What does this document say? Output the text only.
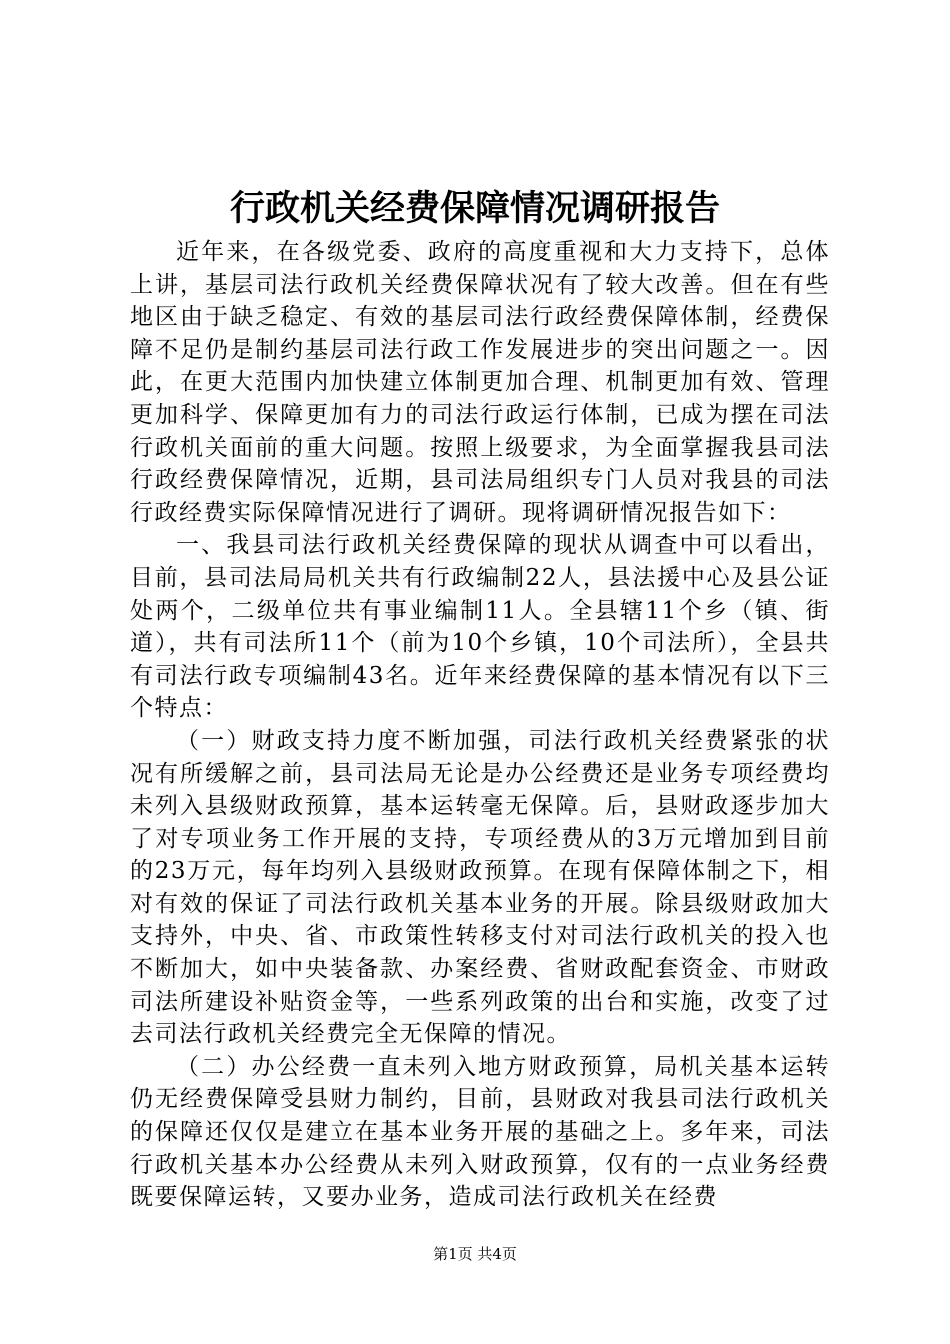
行政机关经费保障情况调研报告

近年来，在各级党委、政府的高度重视和大力支持下，总体上讲，基层司法行政机关经费保障状况有了较大改善。但在有些地区由于缺乏稳定、有效的基层司法行政经费保障体制，经费保障不足仍是制约基层司法行政工作发展进步的突出问题之一。因此，在更大范围内加快建立体制更加合理、机制更加有效、管理更加科学、保障更加有力的司法行政运行体制，已成为摆在司法行政机关面前的重大问题。按照上级要求，为全面掌握我县司法行政经费保障情况，近期，县司法局组织专门人员对我县的司法行政经费实际保障情况进行了调研。现将调研情况报告如下：

一、我县司法行政机关经费保障的现状从调查中可以看出，目前，县司法局局机关共有行政编制22人，县法援中心及县公证处两个，二级单位共有事业编制11人。全县辖11个乡（镇、街道），共有司法所11个（前为10个乡镇，10个司法所），全县共有司法行政专项编制43名。近年来经费保障的基本情况有以下三个特点：

（一）财政支持力度不断加强，司法行政机关经费紧张的状况有所缓解之前，县司法局无论是办公经费还是业务专项经费均未列入县级财政预算，基本运转毫无保障。后，县财政逐步加大了对专项业务工作开展的支持，专项经费从的3万元增加到目前的23万元，每年均列入县级财政预算。在现有保障体制之下，相对有效的保证了司法行政机关基本业务的开展。除县级财政加大支持外，中央、省、市政策性转移支付对司法行政机关的投入也不断加大，如中央装备款、办案经费、省财政配套资金、市财政司法所建设补贴资金等，一些系列政策的出台和实施，改变了过去司法行政机关经费完全无保障的情况。

（二）办公经费一直未列入地方财政预算，局机关基本运转仍无经费保障受县财力制约，目前，县财政对我县司法行政机关的保障还仅仅是建立在基本业务开展的基础之上。多年来，司法行政机关基本办公经费从未列入财政预算，仅有的一点业务经费既要保障运转，又要办业务，造成司法行政机关在经费

第1页 共4页
